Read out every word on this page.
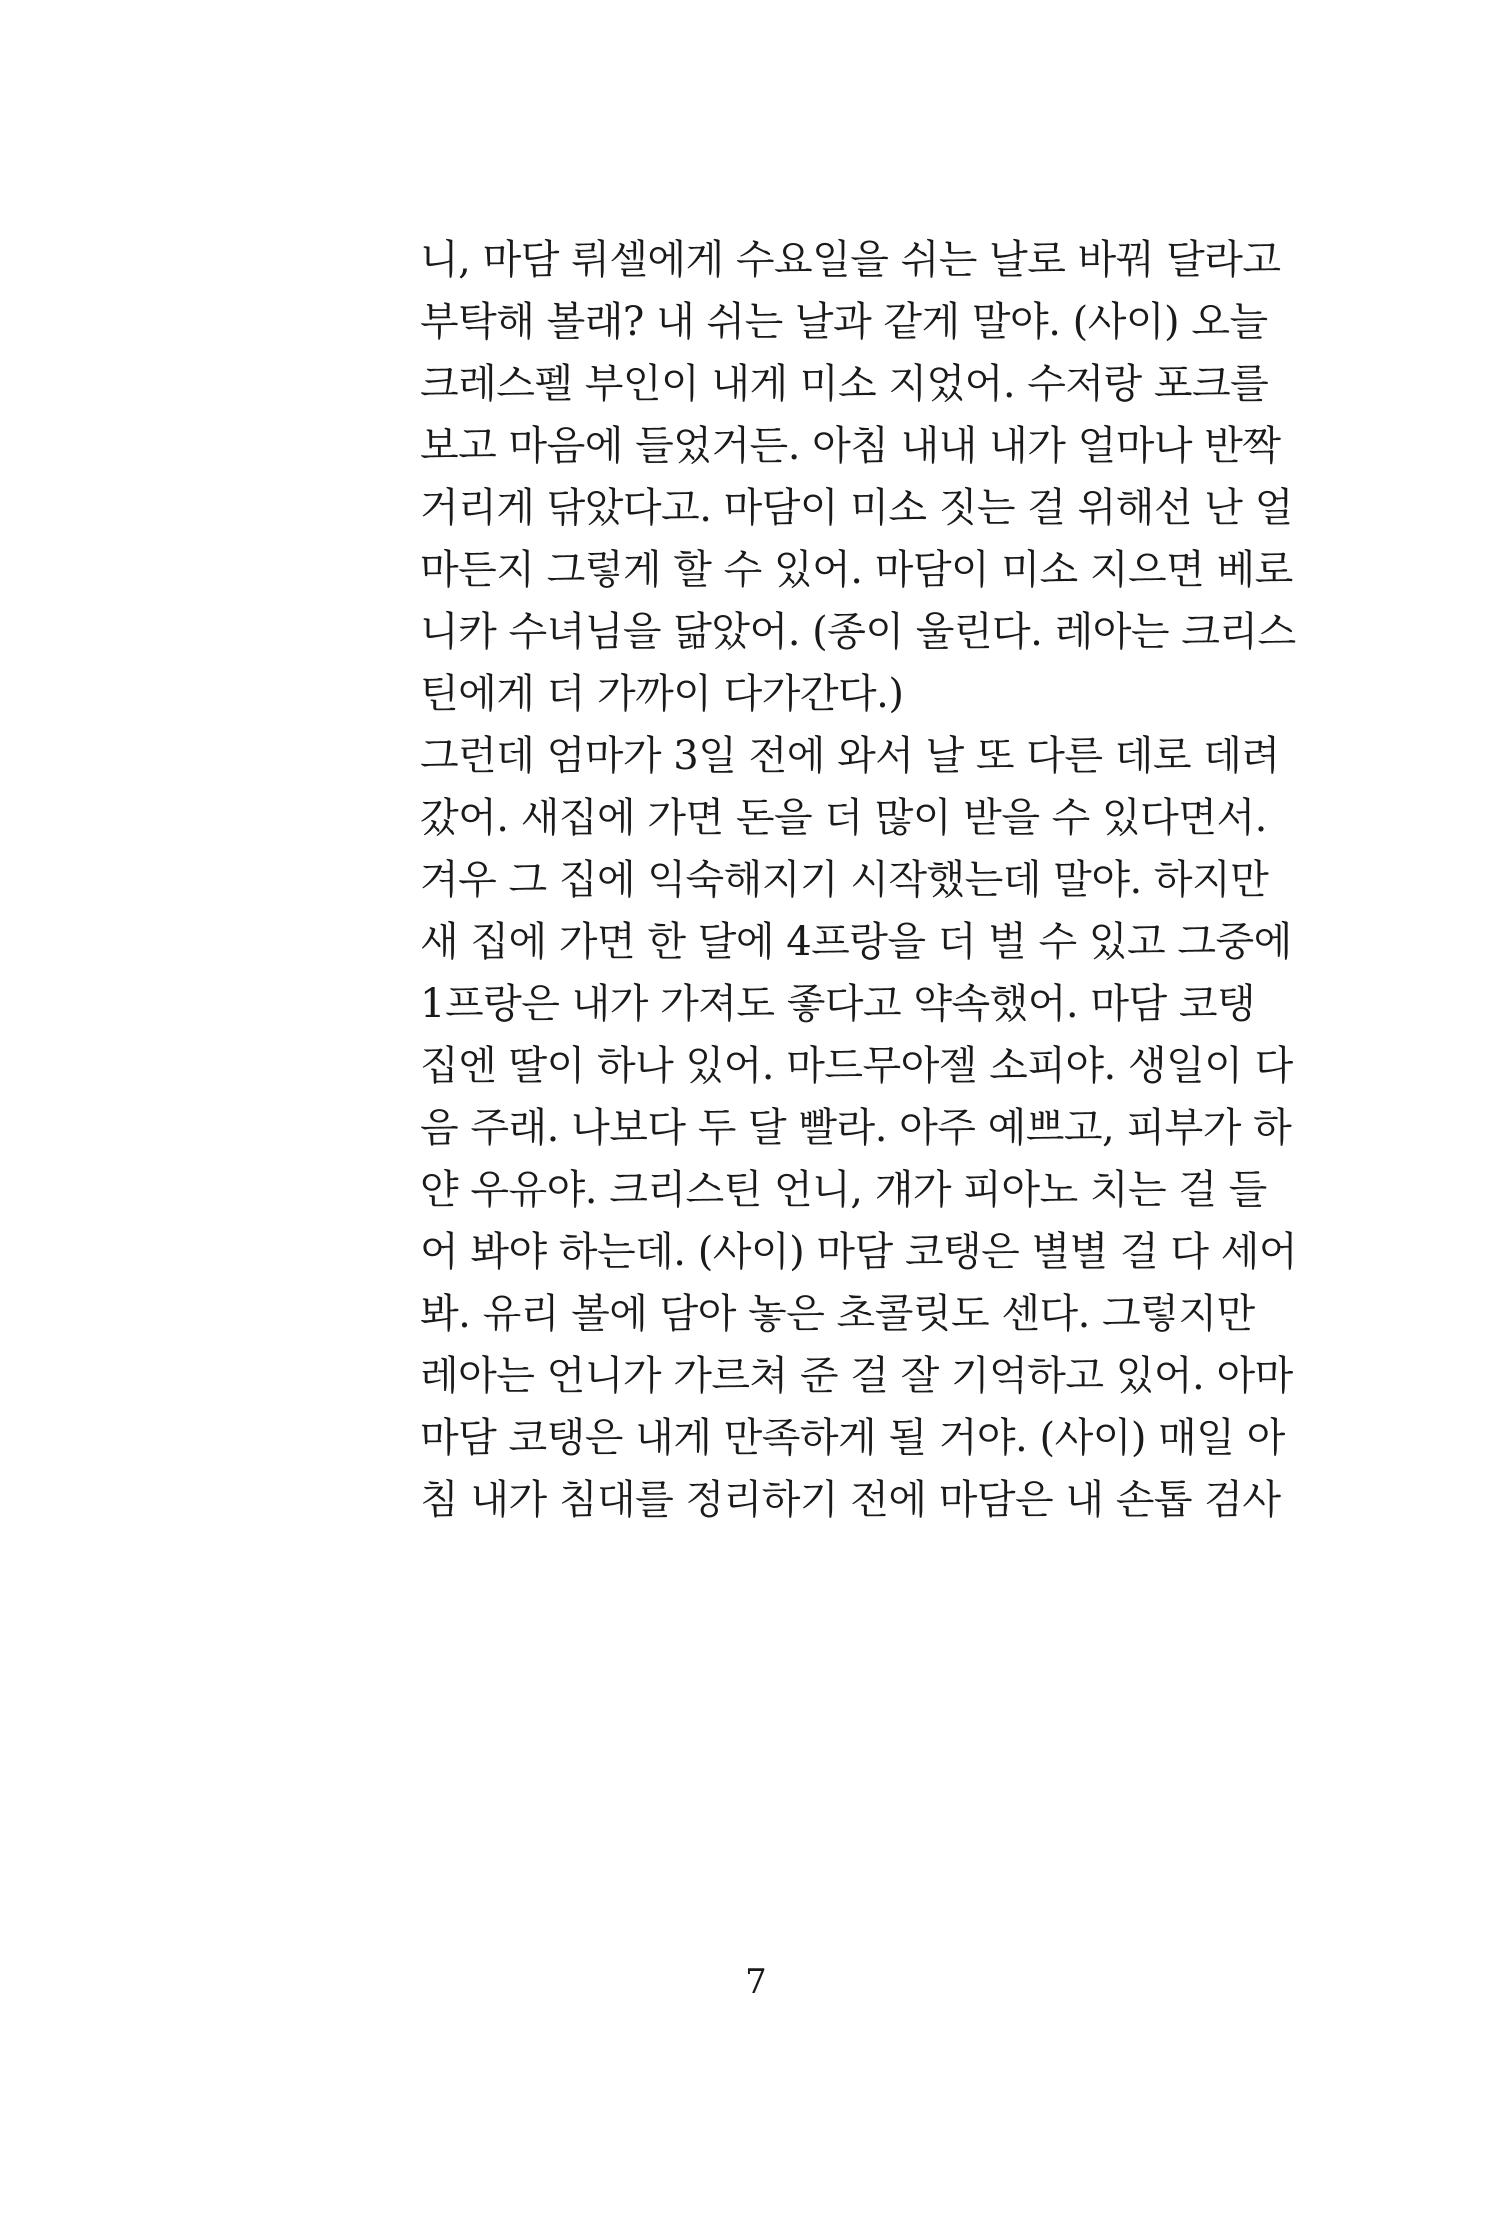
니, 마담 뤼셀에게 수요일을 쉬는 날로 바꿔 달라고
부탁해 볼래? 내 쉬는 날과 같게 말야. (사이) 오늘
크레스펠 부인이 내게 미소 지었어. 수저랑 포크를
보고 마음에 들었거든. 아침 내내 내가 얼마나 반짝
거리게 닦았다고. 마담이 미소 짓는 걸 위해선 난 얼
마든지 그렇게 할 수 있어. 마담이 미소 지으면 베로
니카 수녀님을 닮았어. (종이 울린다. 레아는 크리스
틴에게 더 가까이 다가간다.)
그런데 엄마가 3일 전에 와서 날 또 다른 데로 데려
갔어. 새집에 가면 돈을 더 많이 받을 수 있다면서.
겨우 그 집에 익숙해지기 시작했는데 말야. 하지만
새 집에 가면 한 달에 4프랑을 더 벌 수 있고 그중에
1프랑은 내가 가져도 좋다고 약속했어. 마담 코탱
집엔 딸이 하나 있어. 마드무아젤 소피야. 생일이 다
음 주래. 나보다 두 달 빨라. 아주 예쁘고, 피부가 하
얀 우유야. 크리스틴 언니, 걔가 피아노 치는 걸 들
어 봐야 하는데. (사이) 마담 코탱은 별별 걸 다 세어
봐. 유리 볼에 담아 놓은 초콜릿도 센다. 그렇지만
레아는 언니가 가르쳐 준 걸 잘 기억하고 있어. 아마
마담 코탱은 내게 만족하게 될 거야. (사이) 매일 아
침 내가 침대를 정리하기 전에 마담은 내 손톱 검사
7
